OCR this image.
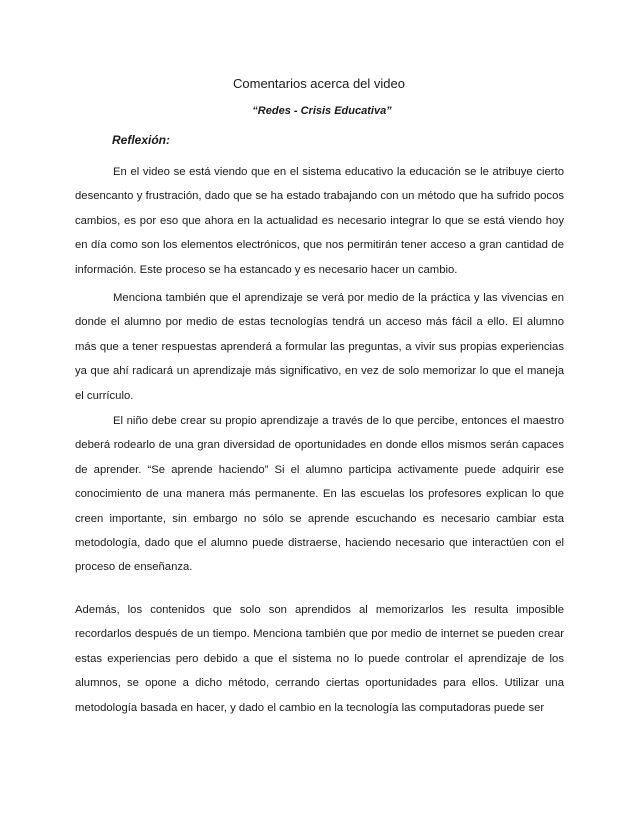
Comentarios acerca del video
“Redes - Crisis Educativa”
Reflexión:

En el video se está viendo que en el sistema educativo la educación se le atribuye cierto desencanto y frustración, dado que se ha estado trabajando con un método que ha sufrido pocos cambios, es por eso que ahora en la actualidad es necesario integrar lo que se está viendo hoy en día como son los elementos electrónicos, que nos permitirán tener acceso a gran cantidad de información. Este proceso se ha estancado y es necesario hacer un cambio.

Menciona también que el aprendizaje se verá por medio de la práctica y las vivencias en donde el alumno por medio de estas tecnologías tendrá un acceso más fácil a ello. El alumno más que a tener respuestas aprenderá a formular las preguntas, a vivir sus propias experiencias ya que ahí radicará un aprendizaje más significativo, en vez de solo memorizar lo que el maneja el currículo.

El niño debe crear su propio aprendizaje a través de lo que percibe, entonces el maestro deberá rodearlo de una gran diversidad de oportunidades en donde ellos mismos serán capaces de aprender. “Se aprende haciendo” Si el alumno participa activamente puede adquirir ese conocimiento de una manera más permanente. En las escuelas los profesores explican lo que creen importante, sin embargo no sólo se aprende escuchando es necesario cambiar esta metodología, dado que el alumno puede distraerse, haciendo necesario que interactúen con el proceso de enseñanza.

Además, los contenidos que solo son aprendidos al memorizarlos les resulta imposible recordarlos después de un tiempo. Menciona también que por medio de internet se pueden crear estas experiencias pero debido a que el sistema no lo puede controlar el aprendizaje de los alumnos, se opone a dicho método, cerrando ciertas oportunidades para ellos. Utilizar una metodología basada en hacer, y dado el cambio en la tecnología las computadoras puede ser
